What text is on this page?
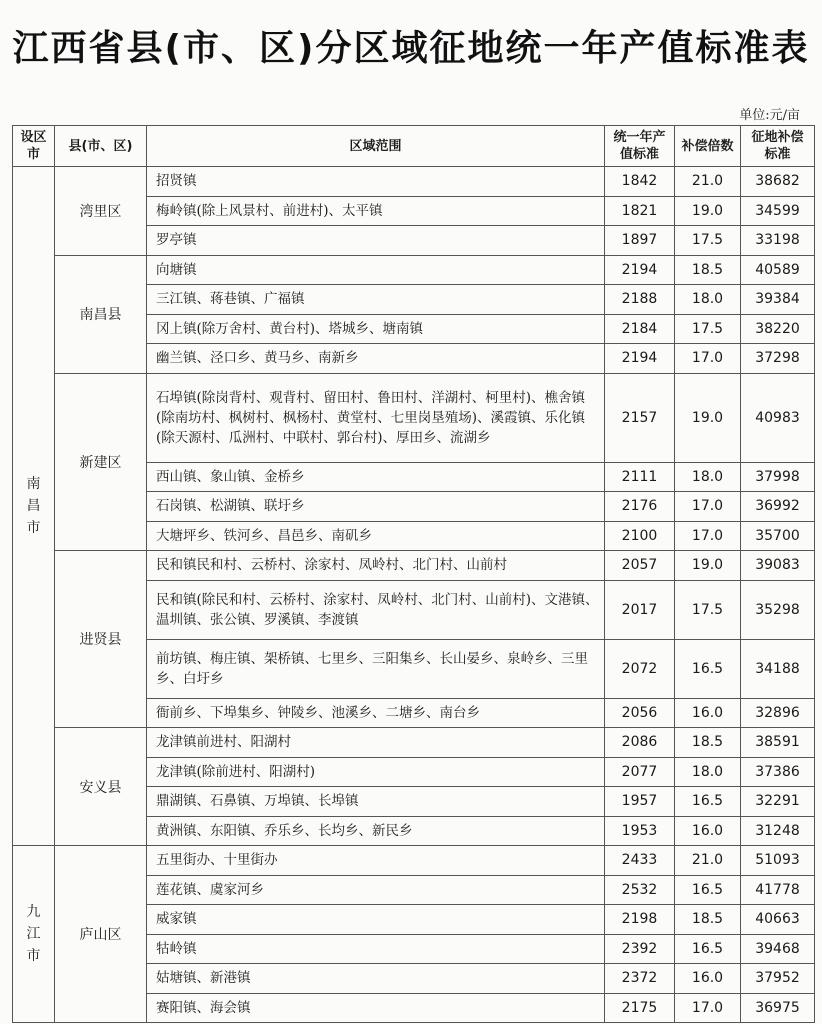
江西省县(市、区)分区域征地统一年产值标准表
单位:元/亩
设区市	县(市、区)	区域范围	统一年产值标准	补偿倍数	征地补偿标准
南昌市	湾里区	招贤镇	1842	21.0	38682
		梅岭镇(除上风景村、前进村)、太平镇	1821	19.0	34599
		罗亭镇	1897	17.5	33198
	南昌县	向塘镇	2194	18.5	40589
		三江镇、蒋巷镇、广福镇	2188	18.0	39384
		冈上镇(除万舍村、黄台村)、塔城乡、塘南镇	2184	17.5	38220
		幽兰镇、泾口乡、黄马乡、南新乡	2194	17.0	37298
	新建区	石埠镇(除岗背村、观背村、留田村、鲁田村、洋湖村、柯里村)、樵舍镇(除南坊村、枫树村、枫杨村、黄堂村、七里岗垦殖场)、溪霞镇、乐化镇(除天源村、瓜洲村、中联村、郭台村)、厚田乡、流湖乡	2157	19.0	40983
		西山镇、象山镇、金桥乡	2111	18.0	37998
		石岗镇、松湖镇、联圩乡	2176	17.0	36992
		大塘坪乡、铁河乡、昌邑乡、南矶乡	2100	17.0	35700
	进贤县	民和镇民和村、云桥村、涂家村、凤岭村、北门村、山前村	2057	19.0	39083
		民和镇(除民和村、云桥村、涂家村、凤岭村、北门村、山前村)、文港镇、温圳镇、张公镇、罗溪镇、李渡镇	2017	17.5	35298
		前坊镇、梅庄镇、架桥镇、七里乡、三阳集乡、长山晏乡、泉岭乡、三里乡、白圩乡	2072	16.5	34188
		衙前乡、下埠集乡、钟陵乡、池溪乡、二塘乡、南台乡	2056	16.0	32896
	安义县	龙津镇前进村、阳湖村	2086	18.5	38591
		龙津镇(除前进村、阳湖村)	2077	18.0	37386
		鼎湖镇、石鼻镇、万埠镇、长埠镇	1957	16.5	32291
		黄洲镇、东阳镇、乔乐乡、长均乡、新民乡	1953	16.0	31248
九江市	庐山区	五里街办、十里街办	2433	21.0	51093
		莲花镇、虞家河乡	2532	16.5	41778
		威家镇	2198	18.5	40663
		牯岭镇	2392	16.5	39468
		姑塘镇、新港镇	2372	16.0	37952
		赛阳镇、海会镇	2175	17.0	36975
